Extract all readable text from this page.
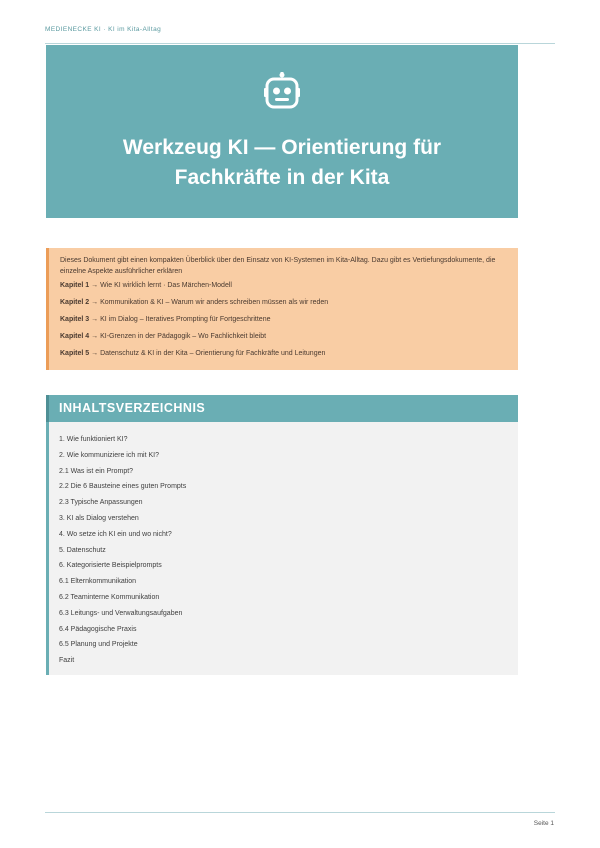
MEDIENECKE KI · KI im Kita-Alltag
Werkzeug KI — Orientierung für
Fachkräfte in der Kita

Dieses Dokument gibt einen kompakten Überblick über den Einsatz von KI-Systemen im Kita-Alltag. Dazu gibt es Vertiefungsdokumente, die einzelne Aspekte ausführlicher erklären

Kapitel 1 → Wie KI wirklich lernt · Das Märchen-Modell
Kapitel 2 → Kommunikation & KI – Warum wir anders schreiben müssen als wir reden
Kapitel 3 → KI im Dialog – Iteratives Prompting für Fortgeschrittene
Kapitel 4 → KI-Grenzen in der Pädagogik – Wo Fachlichkeit bleibt
Kapitel 5 → Datenschutz & KI in der Kita – Orientierung für Fachkräfte und Leitungen
INHALTSVERZEICHNIS
1. Wie funktioniert KI?
2. Wie kommuniziere ich mit KI?
2.1 Was ist ein Prompt?
2.2 Die 6 Bausteine eines guten Prompts
2.3 Typische Anpassungen
3. KI als Dialog verstehen
4. Wo setze ich KI ein und wo nicht?
5. Datenschutz
6. Kategorisierte Beispielprompts
6.1 Elternkommunikation
6.2 Teaminterne Kommunikation
6.3 Leitungs- und Verwaltungsaufgaben
6.4 Pädagogische Praxis
6.5 Planung und Projekte
Fazit
Seite 1
